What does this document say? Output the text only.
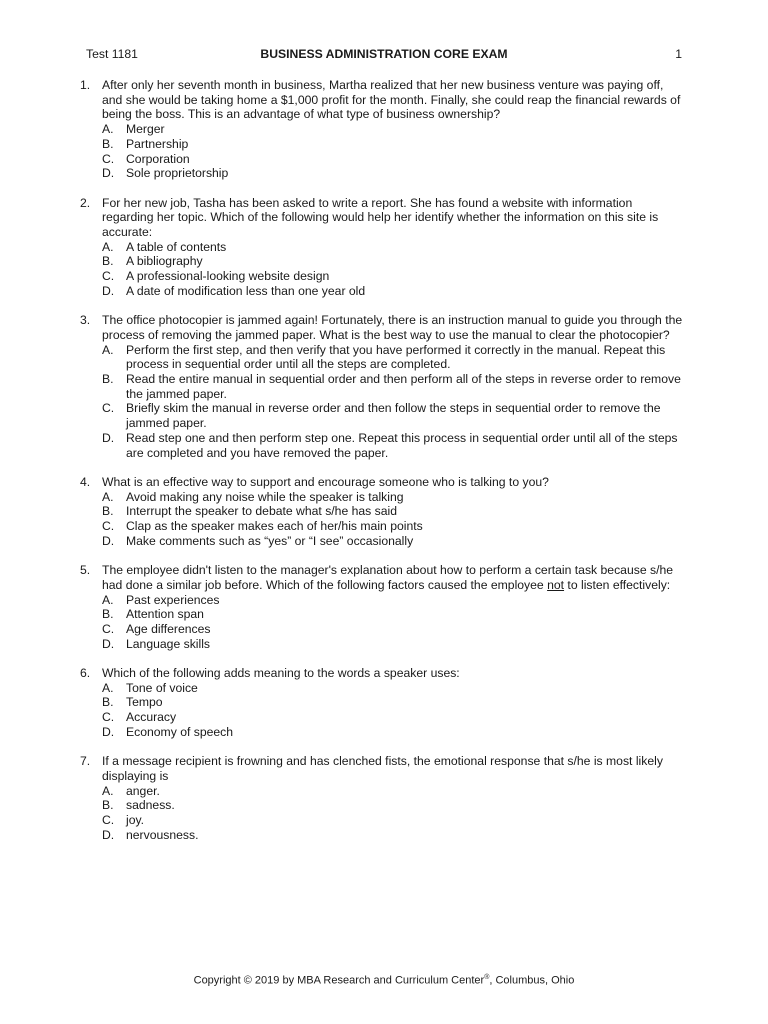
Test 1181	BUSINESS ADMINISTRATION CORE EXAM	1
1. After only her seventh month in business, Martha realized that her new business venture was paying off, and she would be taking home a $1,000 profit for the month. Finally, she could reap the financial rewards of being the boss. This is an advantage of what type of business ownership?
A.	Merger
B.	Partnership
C. Corporation
D. Sole proprietorship
2. For her new job, Tasha has been asked to write a report. She has found a website with information regarding her topic. Which of the following would help her identify whether the information on this site is accurate:
A.	A table of contents
B.	A bibliography
C. A professional-looking website design
D. A date of modification less than one year old
3. The office photocopier is jammed again! Fortunately, there is an instruction manual to guide you through the process of removing the jammed paper. What is the best way to use the manual to clear the photocopier?
A.	Perform the first step, and then verify that you have performed it correctly in the manual. Repeat this process in sequential order until all the steps are completed.
B.	Read the entire manual in sequential order and then perform all of the steps in reverse order to remove the jammed paper.
C. Briefly skim the manual in reverse order and then follow the steps in sequential order to remove the jammed paper.
D. Read step one and then perform step one. Repeat this process in sequential order until all of the steps are completed and you have removed the paper.
4. What is an effective way to support and encourage someone who is talking to you?
A.	Avoid making any noise while the speaker is talking
B.	Interrupt the speaker to debate what s/he has said
C. Clap as the speaker makes each of her/his main points
D. Make comments such as “yes” or “I see” occasionally
5. The employee didn't listen to the manager's explanation about how to perform a certain task because s/he had done a similar job before. Which of the following factors caused the employee not to listen effectively:
A.	Past experiences
B.	Attention span
C. Age differences
D. Language skills
6. Which of the following adds meaning to the words a speaker uses:
A.	Tone of voice
B.	Tempo
C. Accuracy
D. Economy of speech
7. If a message recipient is frowning and has clenched fists, the emotional response that s/he is most likely displaying is
A.	anger.
B.	sadness.
C. joy.
D. nervousness.
Copyright © 2019 by MBA Research and Curriculum Center®, Columbus, Ohio
